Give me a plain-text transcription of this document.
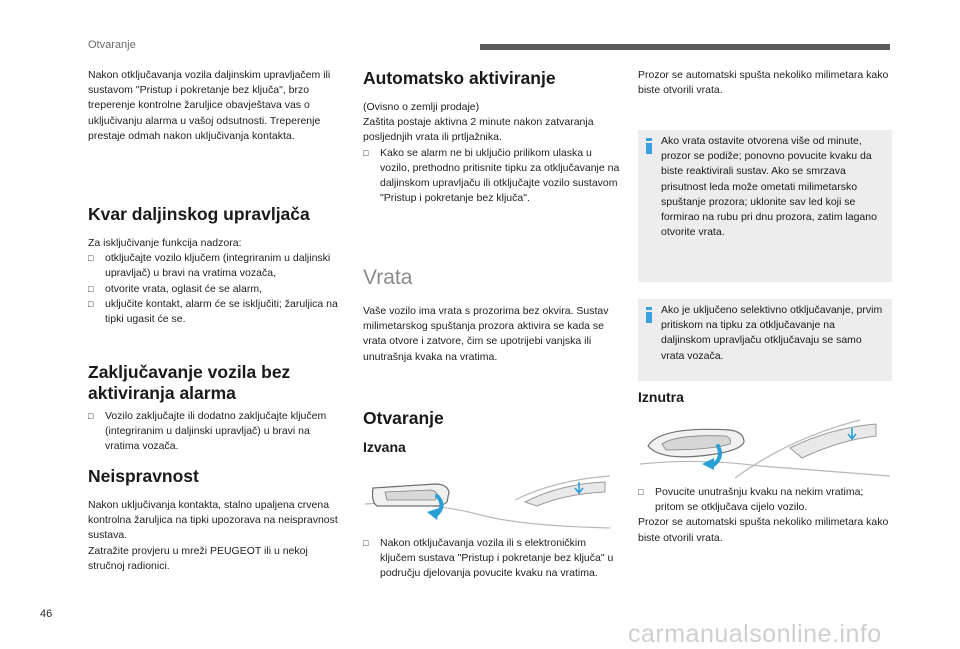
Otvaranje

Nakon otključavanja vozila daljinskim upravljačem ili sustavom "Pristup i pokretanje bez ključa", brzo treperenje kontrolne žaruljice obavještava vas o uključivanju alarma u vašoj odsutnosti. Treperenje prestaje odmah nakon uključivanja kontakta.

Kvar daljinskog upravljača

Za isključivanje funkcija nadzora:

□ otključajte vozilo ključem (integriranim u daljinski upravljač) u bravi na vratima vozača,
□ otvorite vrata, oglasit će se alarm,
□ uključite kontakt, alarm će se isključiti; žaruljica na tipki ugasit će se.
Zaključavanje vozila bez
aktiviranja alarma
□ Vozilo zaključajte ili dodatno zaključajte ključem (integriranim u daljinski upravljač) u bravi na vratima vozača.
Neispravnost

Nakon uključivanja kontakta, stalno upaljena crvena kontrolna žaruljica na tipki upozorava na neispravnost sustava.

Zatražite provjeru u mreži PEUGEOT ili u nekoj stručnoj radionici.

Automatsko aktiviranje

(Ovisno o zemlji prodaje)

Zaštita postaje aktivna 2 minute nakon zatvaranja posljednjih vrata ili prtljažnika.

□ Kako se alarm ne bi uključio prilikom ulaska u vozilo, prethodno pritisnite tipku za otključavanje na daljinskom upravljaču ili otključajte vozilo sustavom "Pristup i pokretanje bez ključa".
Vrata

Vaše vozilo ima vrata s prozorima bez okvira. Sustav milimetarskog spuštanja prozora aktivira se kada se vrata otvore i zatvore, čim se upotrijebi vanjska ili unutrašnja kvaka na vratima.

Otvaranje
Izvana
□ Nakon otključavanja vozila ili s elektroničkim ključem sustava "Pristup i pokretanje bez ključa" u području djelovanja povucite kvaku na vratima.

Prozor se automatski spušta nekoliko milimetara kako biste otvorili vrata.

Ako vrata ostavite otvorena više od minute, prozor se podiže; ponovno povucite kvaku da biste reaktivirali sustav. Ako se smrzava prisutnost leda može ometati milimetarsko spuštanje prozora; uklonite sav led koji se formirao na rubu pri dnu prozora, zatim lagano otvorite vrata.
Ako je uključeno selektivno otključavanje, prvim pritiskom na tipku za otključavanje na daljinskom upravljaču otključavaju se samo vrata vozača.
Iznutra
□ Povucite unutrašnju kvaku na nekim vratima; pritom se otključava cijelo vozilo.

Prozor se automatski spušta nekoliko milimetara kako biste otvorili vrata.

46
carmanualsonline.info
